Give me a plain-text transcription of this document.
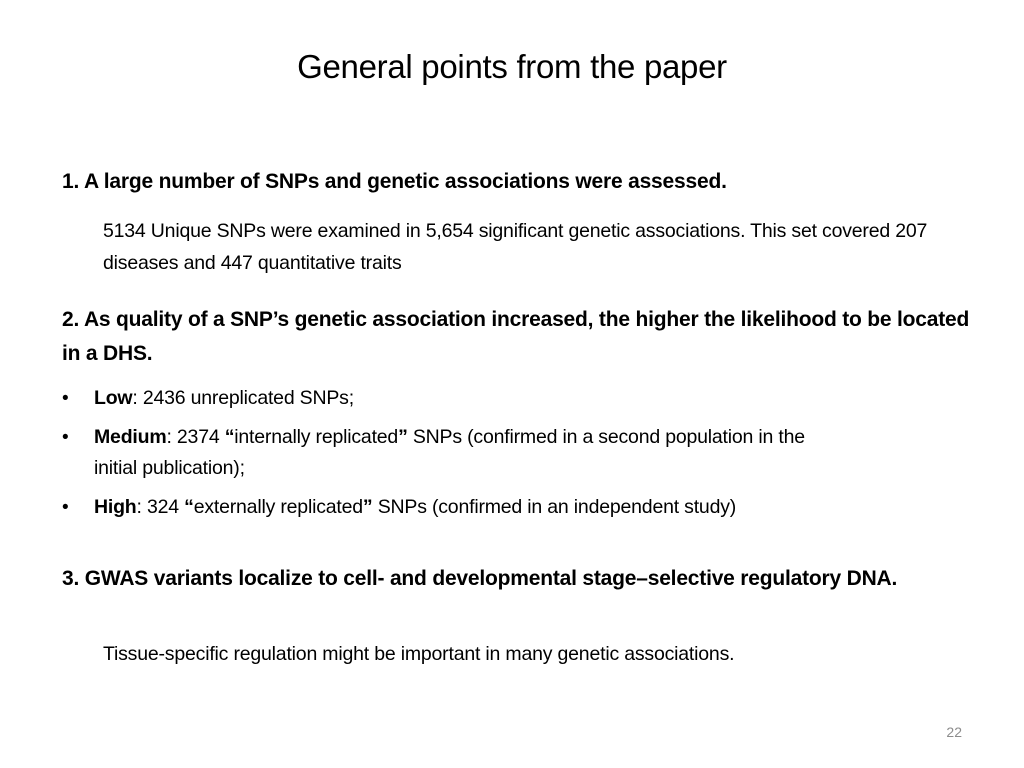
General points from the paper
1. A large number of SNPs and genetic associations were assessed.
5134 Unique SNPs were examined in 5,654 significant genetic associations. This set covered 207 diseases and 447 quantitative traits
2. As quality of a SNP’s genetic association increased, the higher the likelihood to be located in a DHS.
•	Low: 2436 unreplicated SNPs;
•	Medium: 2374 “internally replicated” SNPs (confirmed in a second population in the initial publication);
•	High: 324 “externally replicated” SNPs (confirmed in an independent study)
3. GWAS variants localize to cell- and developmental stage–selective regulatory DNA.
Tissue-specific regulation might be important in many genetic associations.
22
